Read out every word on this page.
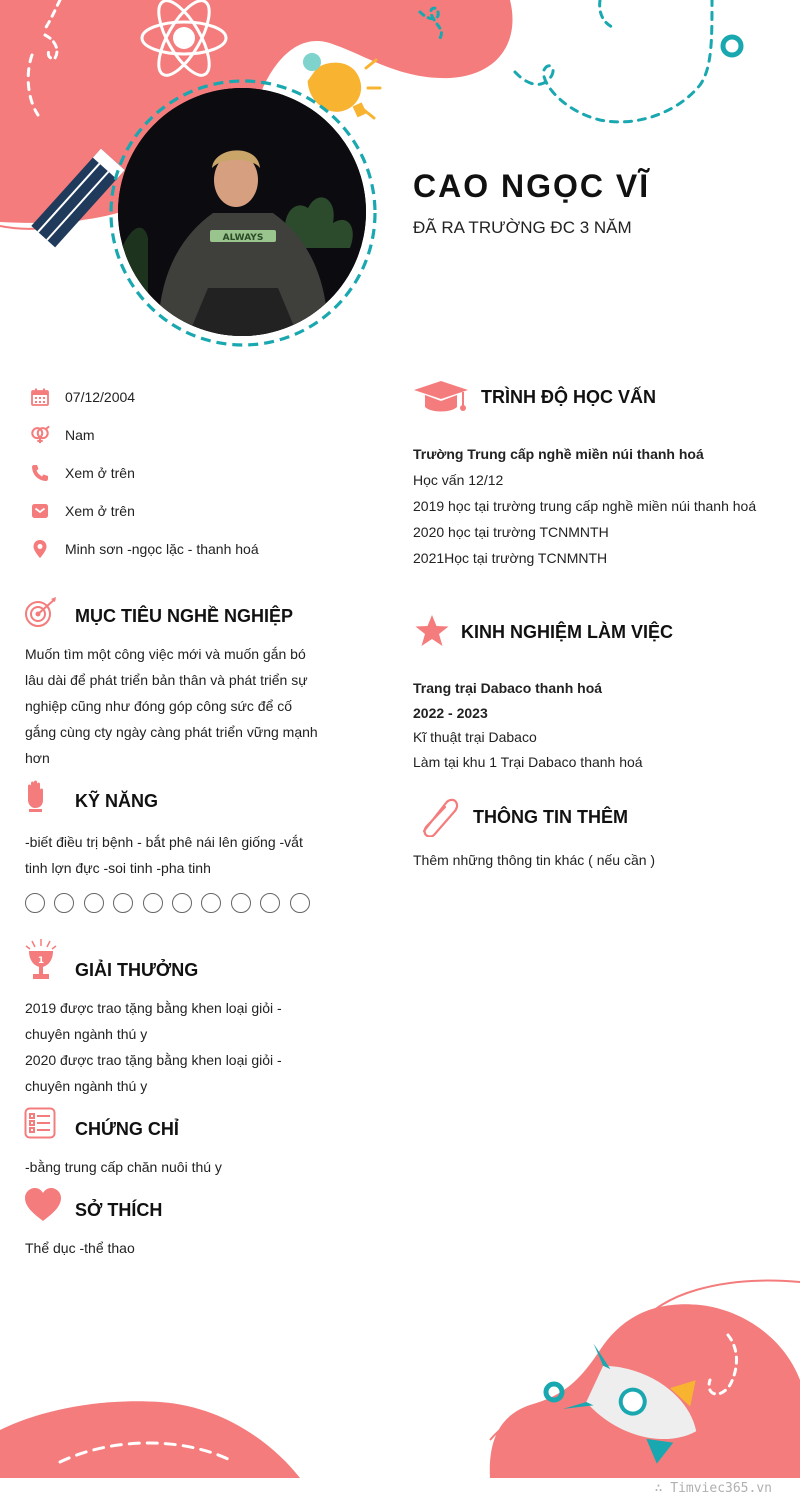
ALWAYS
CAO NGỌC VĨ
ĐÃ RA TRƯỜNG ĐC 3 NĂM
07/12/2004
Nam
Xem ở trên
Xem ở trên
Minh sơn -ngọc lặc - thanh hoá
MỤC TIÊU NGHỀ NGHIỆP
Muốn tìm một công việc mới và muốn gắn bó
lâu dài để phát triển bản thân và phát triển sự
nghiệp cũng như đóng góp công sức để cố
gắng cùng cty ngày càng phát triển vững mạnh
hơn
KỸ NĂNG
-biết điều trị bệnh - bắt phê nái lên giống -vắt
tinh lợn đực -soi tinh -pha tinh
1 GIẢI THƯỞNG
2019 được trao tặng bằng khen loại giỏi -
chuyên ngành thú y
2020 được trao tặng bằng khen loại giỏi -
chuyên ngành thú y
CHỨNG CHỈ
-bằng trung cấp chăn nuôi thú y
SỞ THÍCH
Thể dục -thể thao
TRÌNH ĐỘ HỌC VẤN
Trường Trung cấp nghề miền núi thanh hoá
Học vấn 12/12
2019 học tại trường trung cấp nghề miền núi thanh hoá
2020 học tại trường TCNMNTH
2021Học tại trường TCNMNTH
KINH NGHIỆM LÀM VIỆC
Trang trại Dabaco thanh hoá
2022 - 2023
Kĩ thuật trại Dabaco
Làm tại khu 1 Trại Dabaco thanh hoá
THÔNG TIN THÊM
Thêm những thông tin khác ( nếu cần )
∴ Timviec365.vn
